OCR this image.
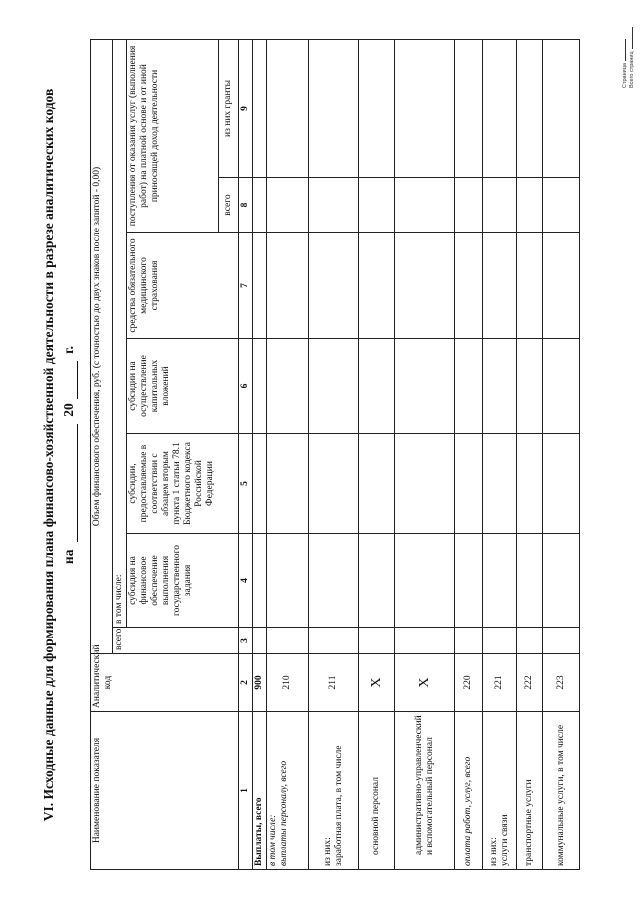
VI. Исходные данные для формирования плана финансово-хозяйственной деятельности в разрезе аналитических кодов на  20 г.
Наименование показателя	Аналитический код	Объем финансового обеспечения, руб. (с точностью до двух знаков после запятой - 0,00)						
		всего	в том числе:					
			субсидия на финансовое обеспечение выполнения государственного задания	субсидии, предоставляемые в соответствии с абзацем вторым пункта 1 статьи 78.1 Бюджетного кодекса Российской Федерации	субсидии на осуществление капитальных вложений	средства обязательного медицинского страхования	поступления от оказания услуг (выполнения работ) на платной основе и от иной приносящей доход деятельности	
							всего	из них гранты
1	2	3	4	5	6	7	8	9
Выплаты, всего	900							
в том числе:
выплаты персоналу, всего	210							
из них:
заработная плата, в том числе	211							
основной персонал	X							
административно-управленческий и вспомогательный персонал	X							
оплата работ, услуг, всего	220							
из них:
услуги связи	221							
транспортные услуги	222							
коммунальные услуги, в том числе	223							
Страница Всего страниц
